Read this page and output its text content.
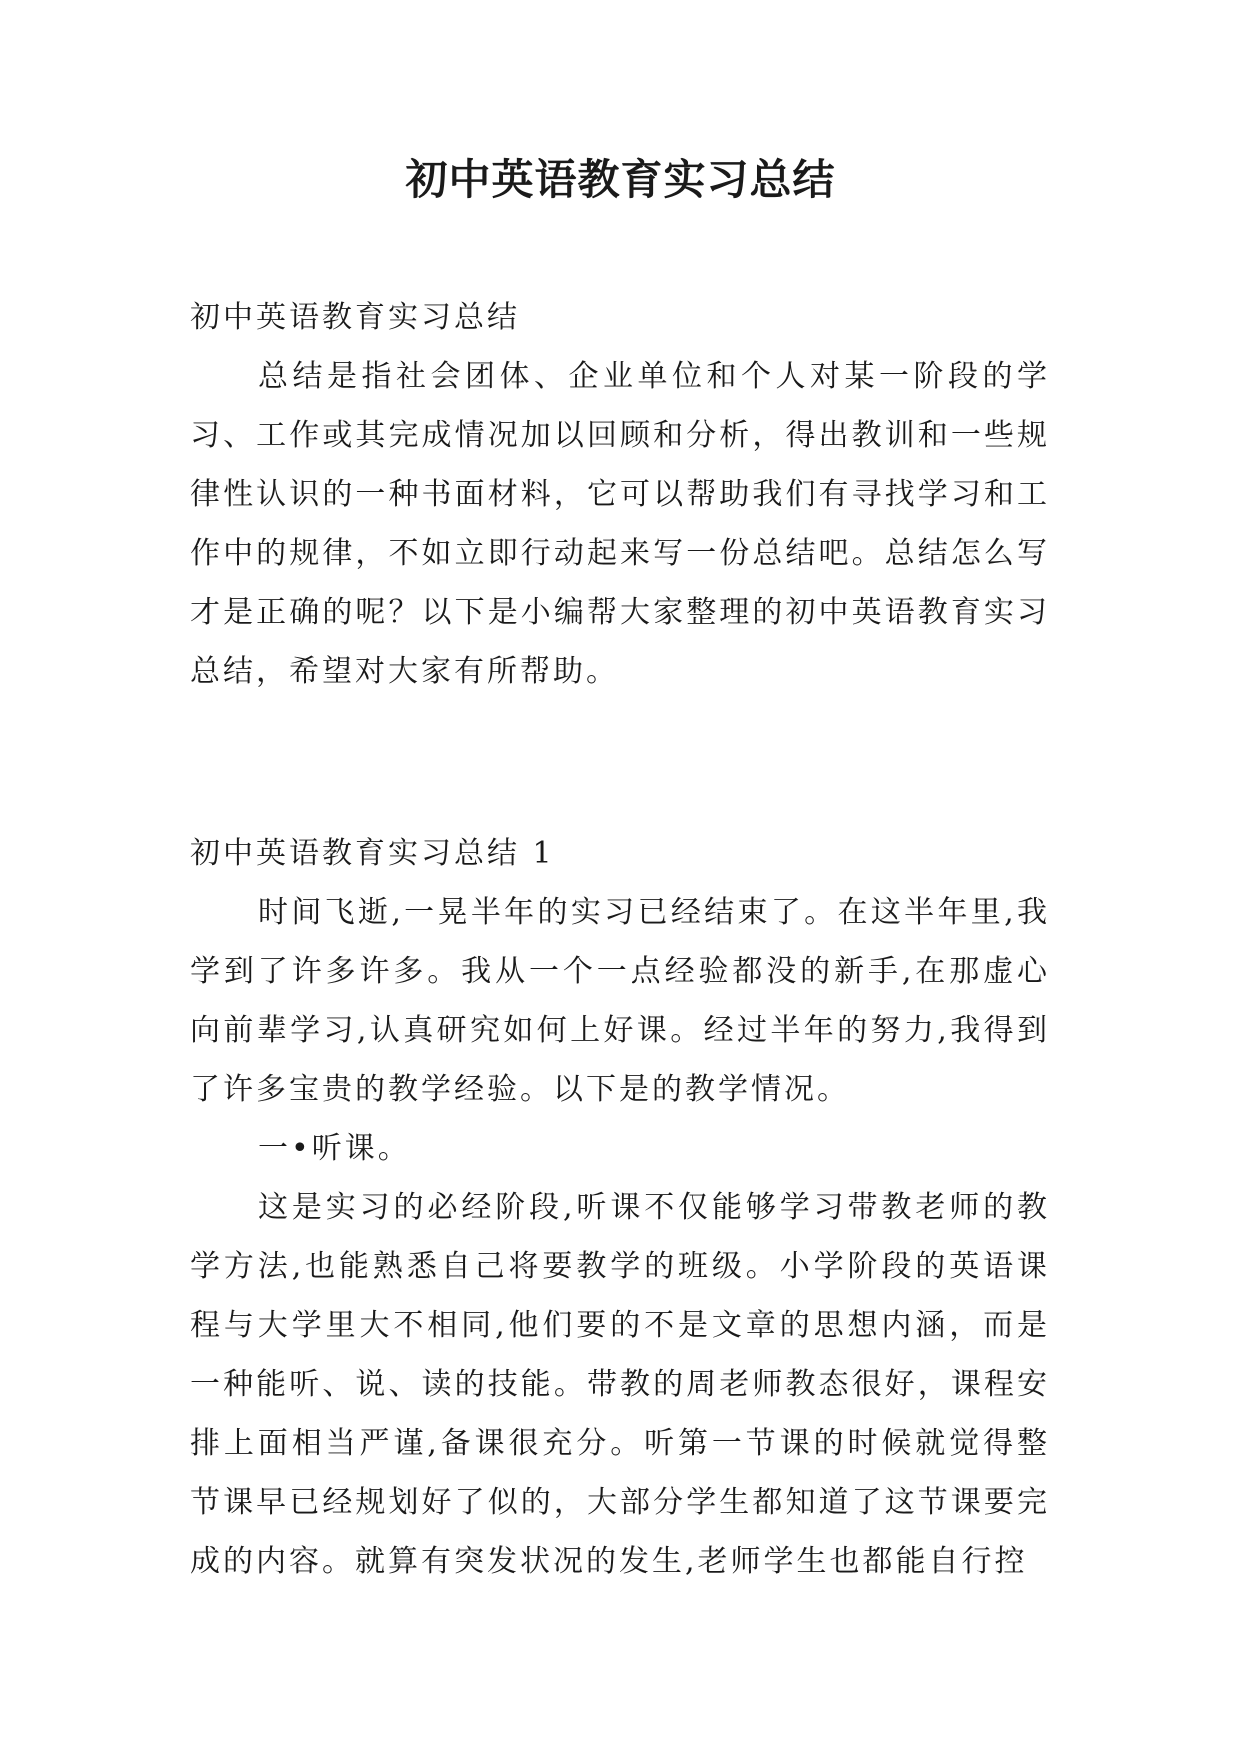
初中英语教育实习总结

初中英语教育实习总结

总结是指社会团体、企业单位和个人对某一阶段的学习、工作或其完成情况加以回顾和分析，得出教训和一些规律性认识的一种书面材料，它可以帮助我们有寻找学习和工作中的规律，不如立即行动起来写一份总结吧。总结怎么写才是正确的呢？以下是小编帮大家整理的初中英语教育实习总结，希望对大家有所帮助。

初中英语教育实习总结 1

时间飞逝,一晃半年的实习已经结束了。在这半年里,我学到了许多许多。我从一个一点经验都没的新手,在那虚心向前辈学习,认真研究如何上好课。经过半年的努力,我得到了许多宝贵的教学经验。以下是的教学情况。

一•听课。

这是实习的必经阶段,听课不仅能够学习带教老师的教学方法,也能熟悉自己将要教学的班级。小学阶段的英语课程与大学里大不相同,他们要的不是文章的思想内涵，而是一种能听、说、读的技能。带教的周老师教态很好，课程安排上面相当严谨,备课很充分。听第一节课的时候就觉得整节课早已经规划好了似的，大部分学生都知道了这节课要完成的内容。就算有突发状况的发生,老师学生也都能自行控
